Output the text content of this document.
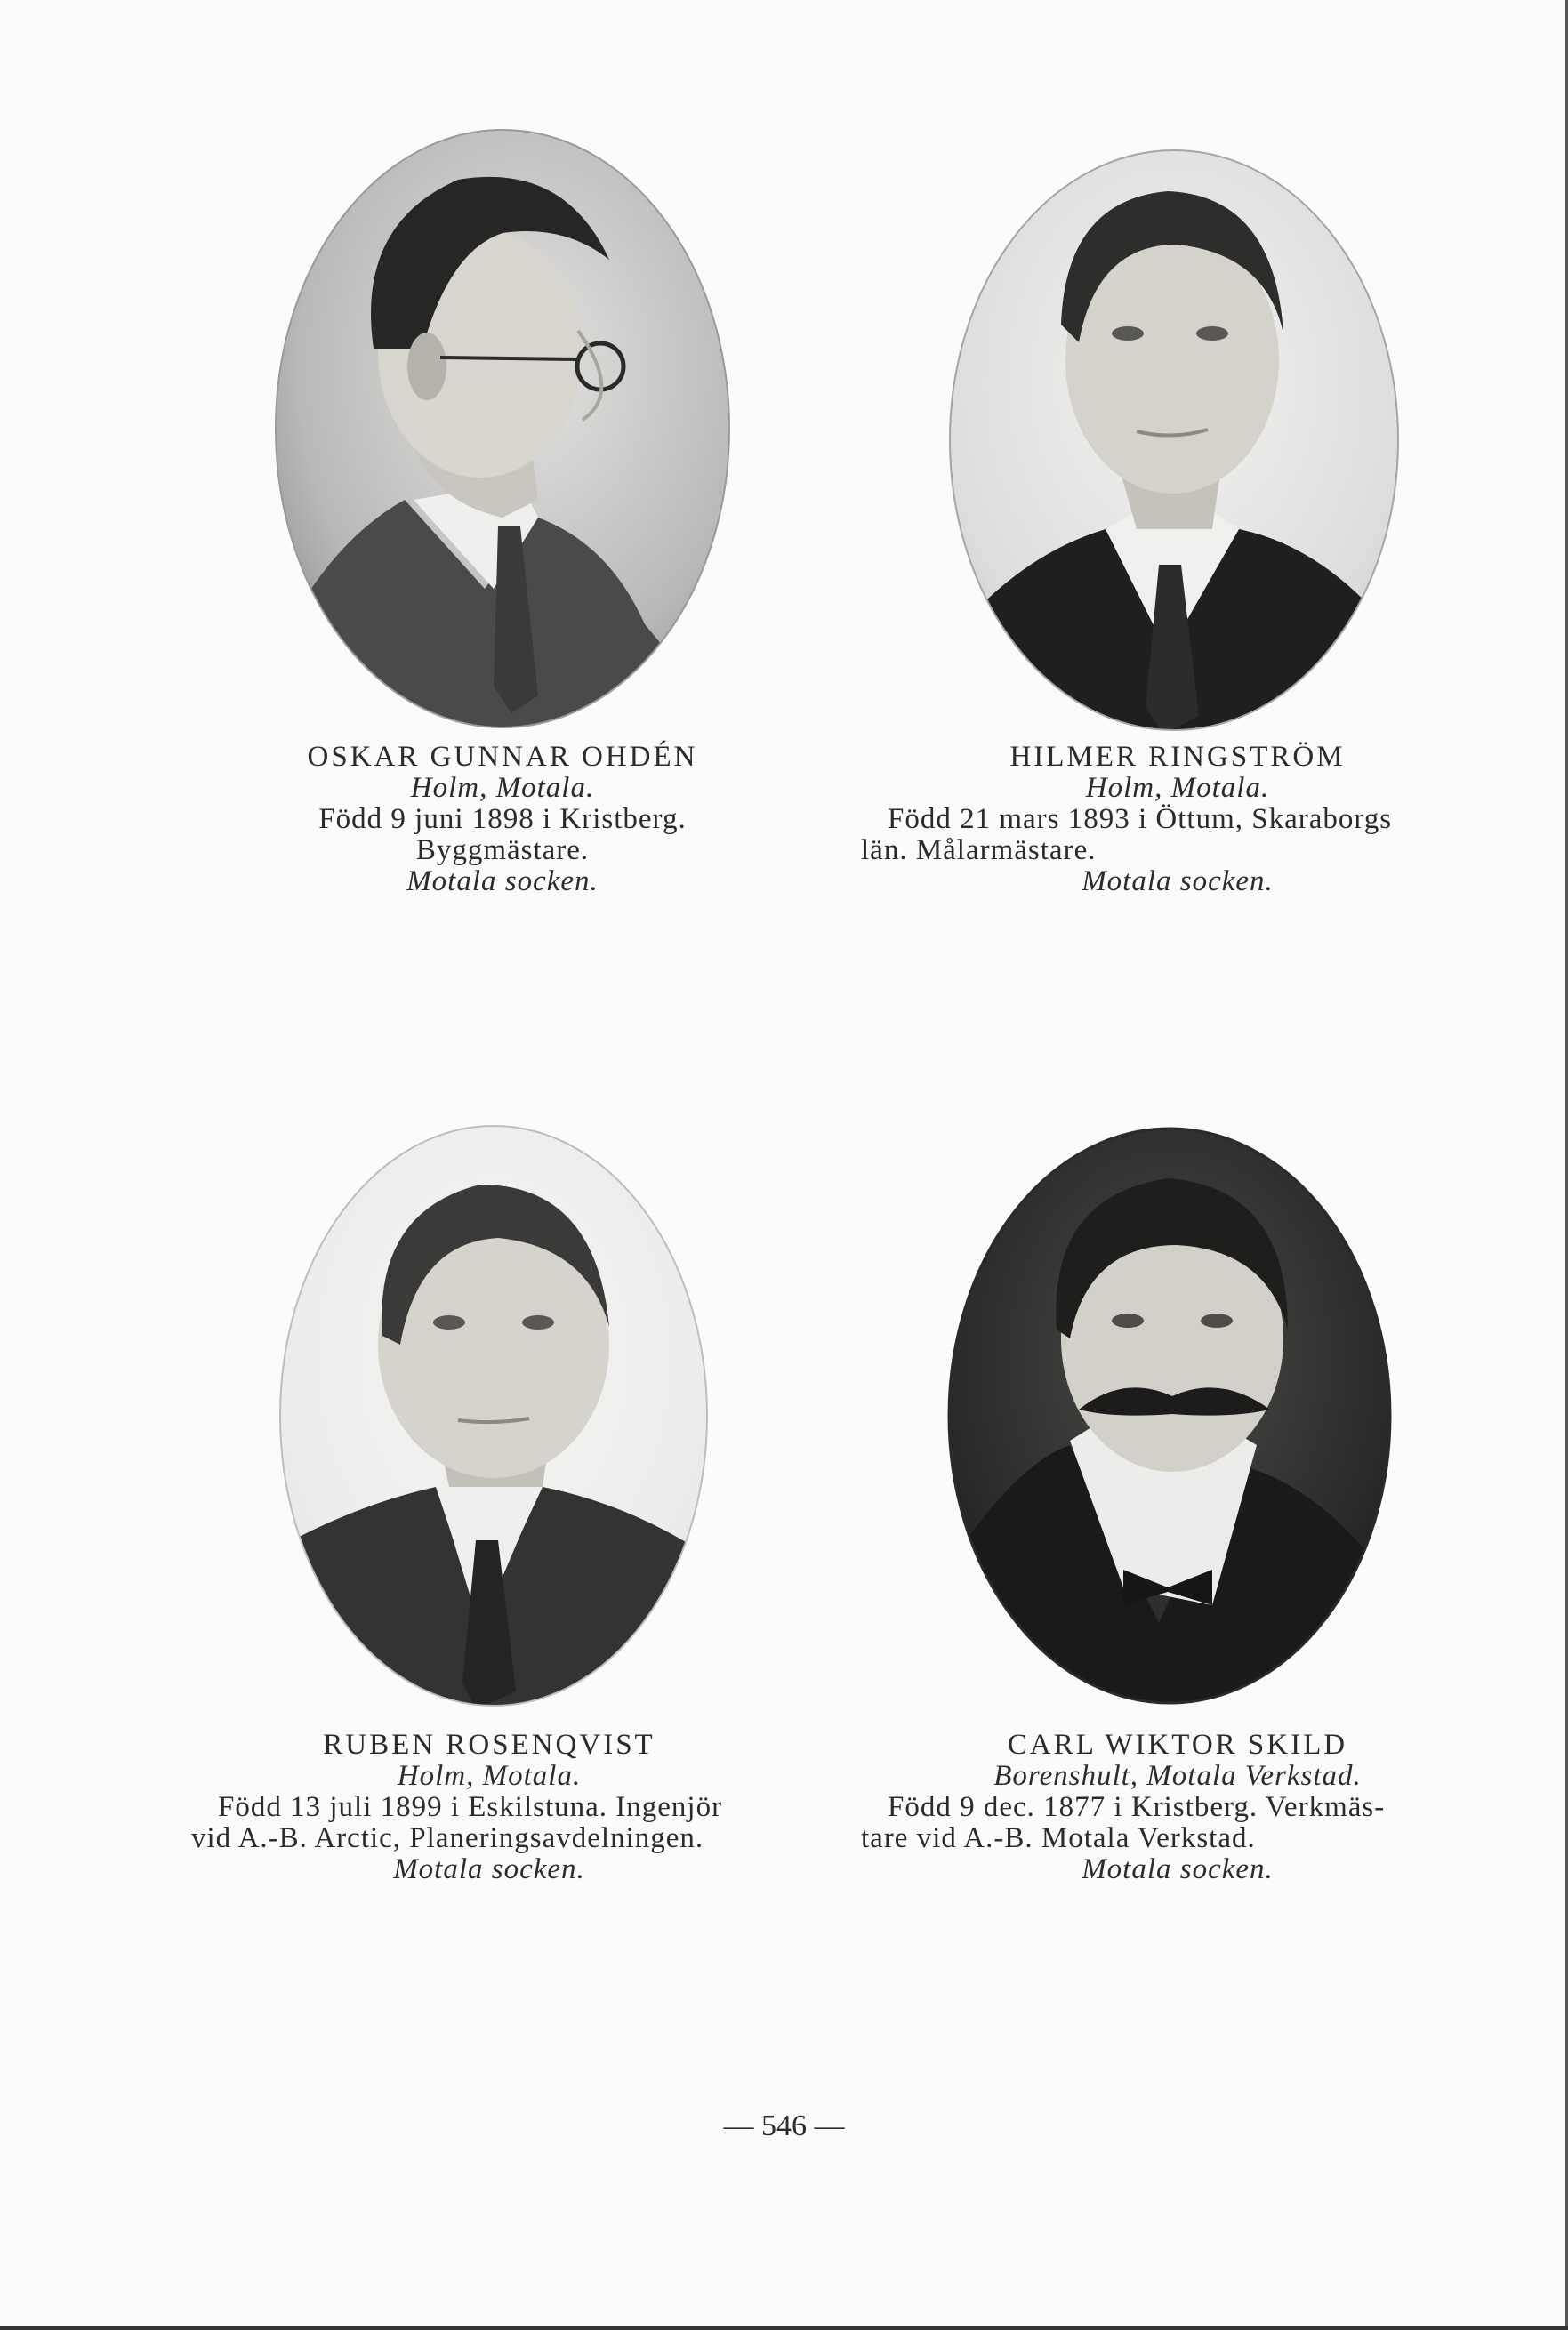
OSKAR GUNNAR OHDÉN
Holm, Motala.
Född 9 juni 1898 i Kristberg.
Byggmästare.
Motala socken.
HILMER RINGSTRÖM
Holm, Motala.
Född 21 mars 1893 i Öttum, Skaraborgs
län. Målarmästare.
Motala socken.
RUBEN ROSENQVIST
Holm, Motala.
Född 13 juli 1899 i Eskilstuna. Ingenjör
vid A.-B. Arctic, Planeringsavdelningen.
Motala socken.
CARL WIKTOR SKILD
Borenshult, Motala Verkstad.
Född 9 dec. 1877 i Kristberg. Verkmäs-
tare vid A.-B. Motala Verkstad.
Motala socken.
— 546 —
